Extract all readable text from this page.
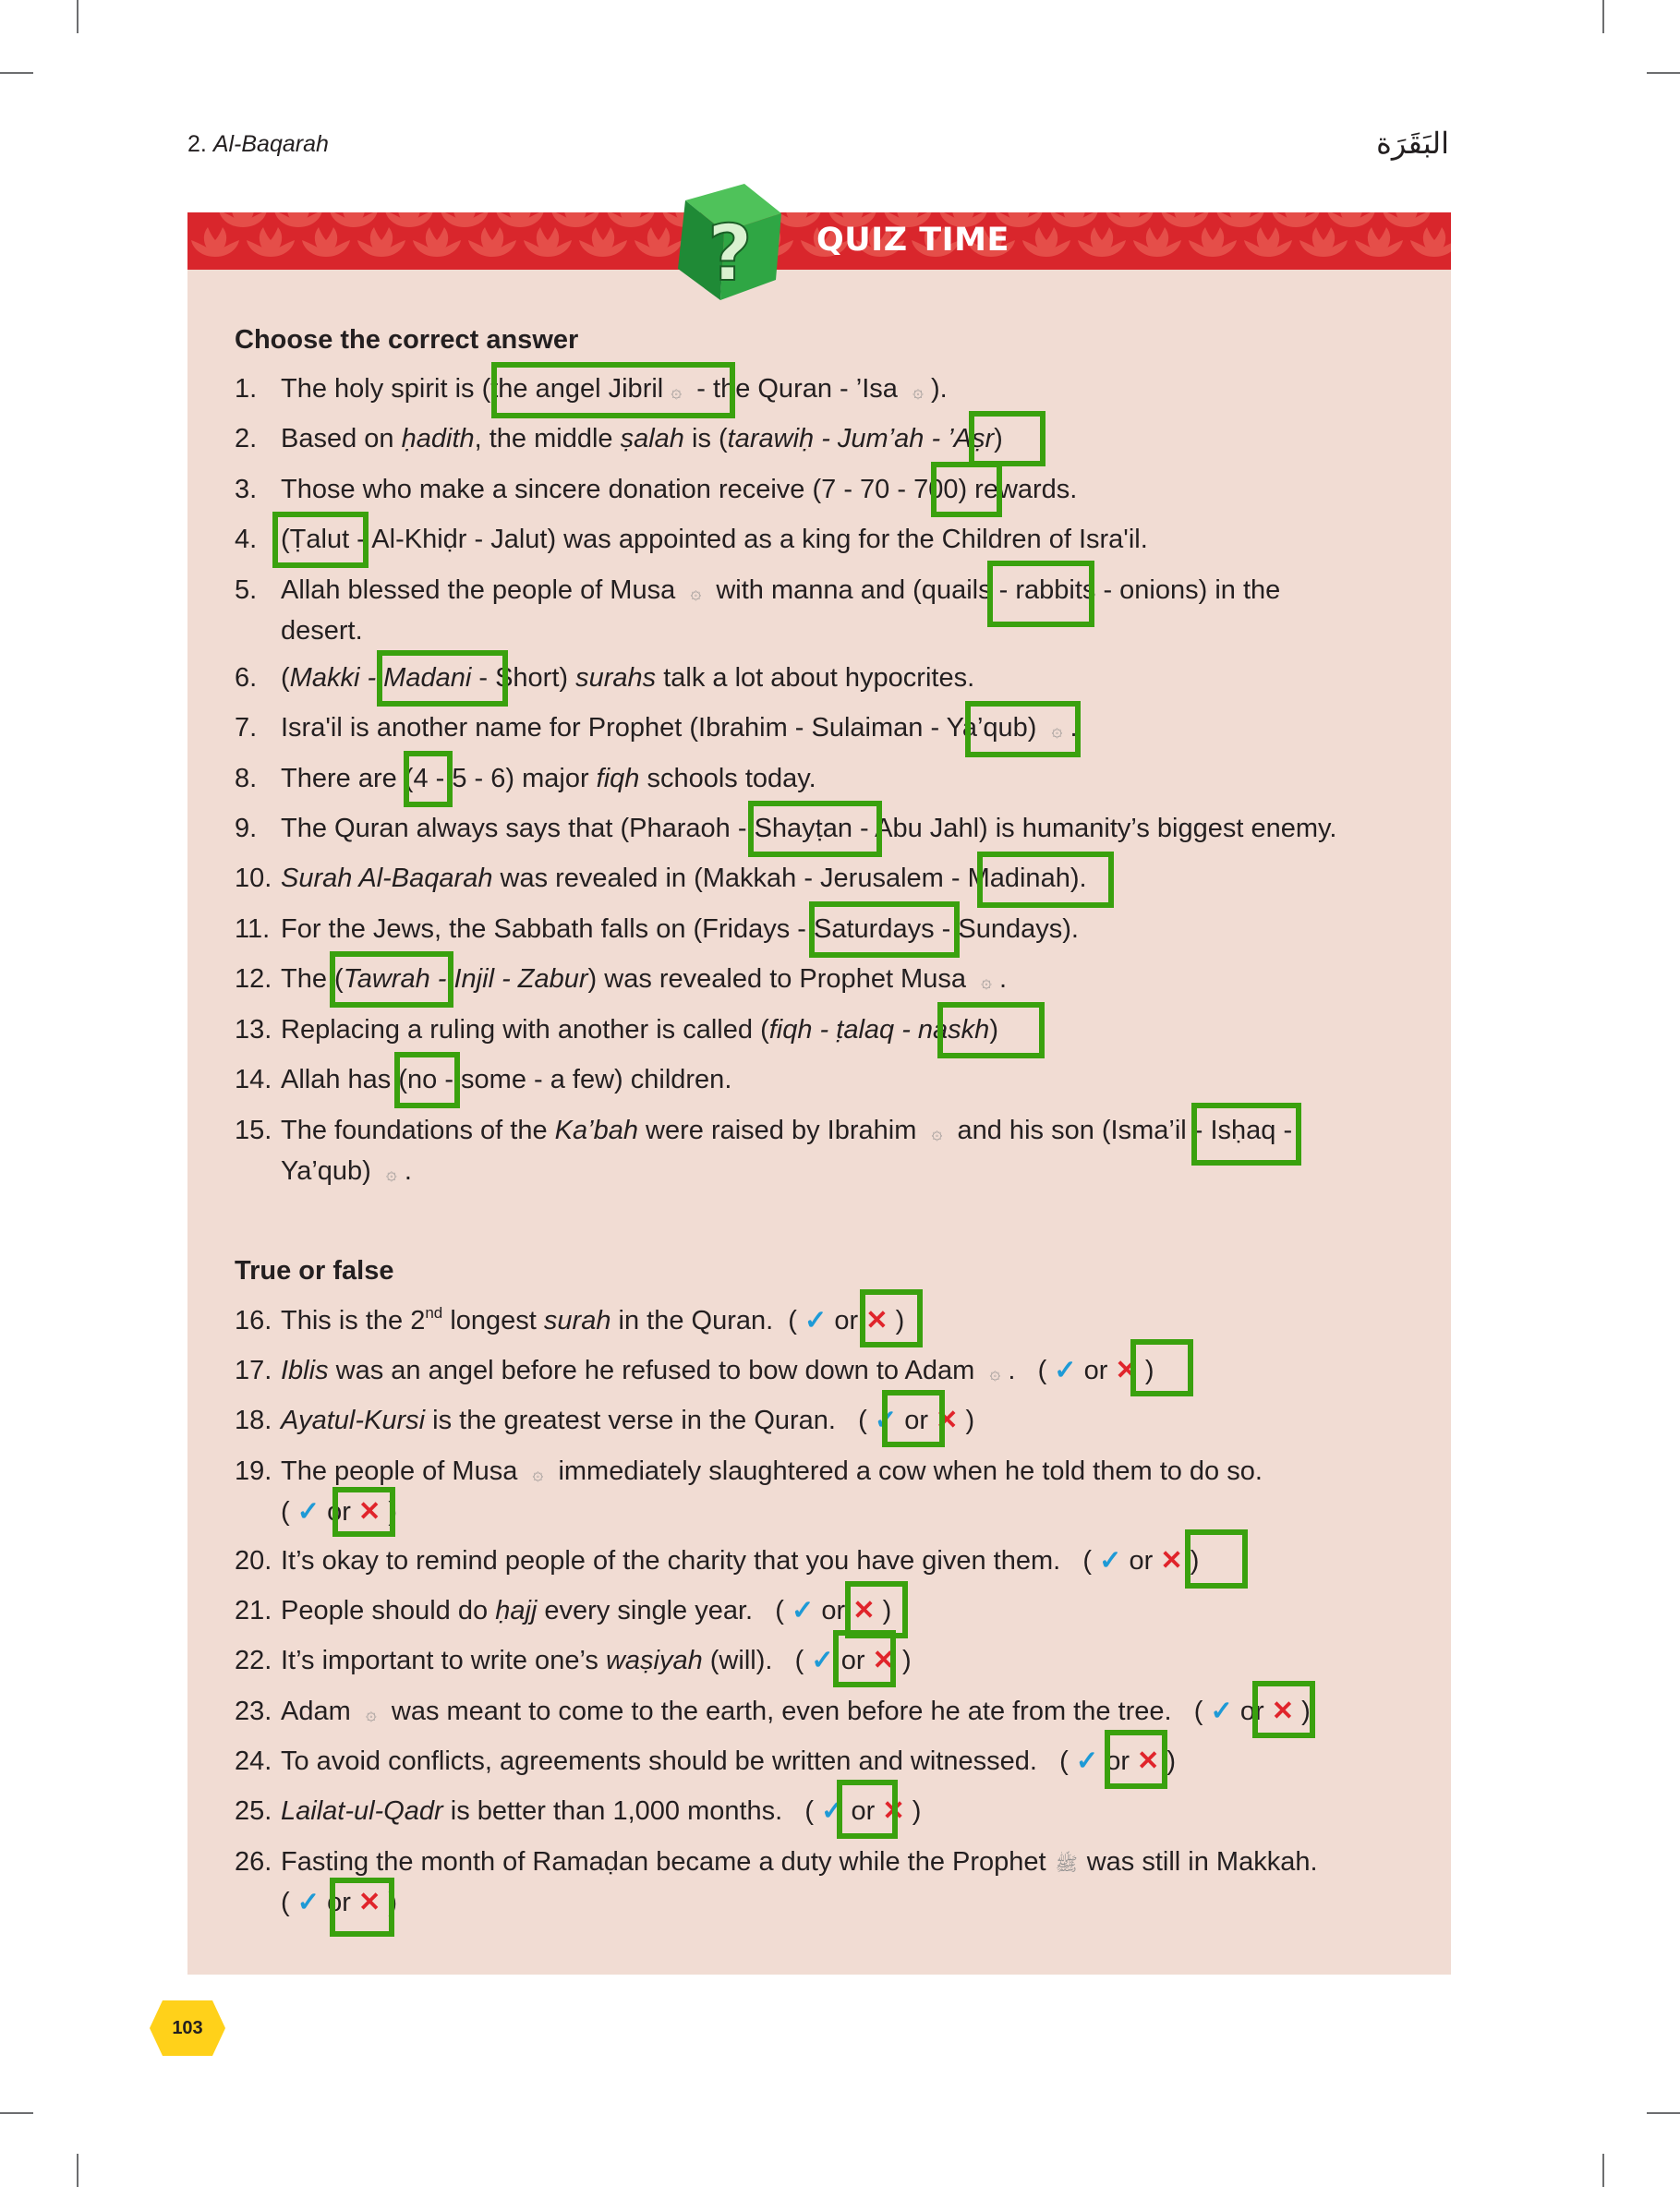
2. Al-Baqarah	البَقَرَة
? QUIZ TIME
Choose the correct answer
1. The holy spirit is (the angel Jibril ۞ - the Quran - ’Isa ۞ ).
2. Based on ḥadith, the middle ṣalah is (tarawiḥ - Jum’ah - ’Aṣr)
3. Those who make a sincere donation receive (7 - 70 - 700) rewards.
4. (Ṭalut - Al-Khiḍr - Jalut) was appointed as a king for the Children of Isra'il.
5. Allah blessed the people of Musa ۞ with manna and (quails - rabbits - onions) in the
desert.
6. (Makki - Madani - Short) surahs talk a lot about hypocrites.
7. Isra'il is another name for Prophet (Ibrahim - Sulaiman - Ya’qub) ۞ .
8. There are (4 - 5 - 6) major fiqh schools today.
9. The Quran always says that (Pharaoh - Shayṭan - Abu Jahl) is humanity’s biggest enemy.
10. Surah Al-Baqarah was revealed in (Makkah - Jerusalem - Madinah).
11. For the Jews, the Sabbath falls on (Fridays - Saturdays - Sundays).
12. The (Tawrah - Injil - Zabur) was revealed to Prophet Musa ۞ .
13. Replacing a ruling with another is called (fiqh - ṭalaq - naskh)
14. Allah has (no - some - a few) children.
15. The foundations of the Ka’bah were raised by Ibrahim ۞ and his son (Isma’il - Isḥaq -
Ya’qub) ۞ .
True or false
16. This is the 2nd longest surah in the Quran. ( ✓ or ✕ )
17. Iblis was an angel before he refused to bow down to Adam ۞ . ( ✓ or ✕ )
18. Ayatul-Kursi is the greatest verse in the Quran. ( ✓ or ✕ )
19. The people of Musa ۞ immediately slaughtered a cow when he told them to do so.
( ✓ or ✕ )
20. It’s okay to remind people of the charity that you have given them. ( ✓ or ✕ )
21. People should do ḥajj every single year. ( ✓ or ✕ )
22. It’s important to write one’s waṣiyah (will). ( ✓ or ✕ )
23. Adam ۞ was meant to come to the earth, even before he ate from the tree. ( ✓ or ✕ )
24. To avoid conflicts, agreements should be written and witnessed. ( ✓ or ✕ )
25. Lailat-ul-Qadr is better than 1,000 months. ( ✓ or ✕ )
26. Fasting the month of Ramaḍan became a duty while the Prophet ﷺ was still in Makkah.
( ✓ or ✕ )
103
